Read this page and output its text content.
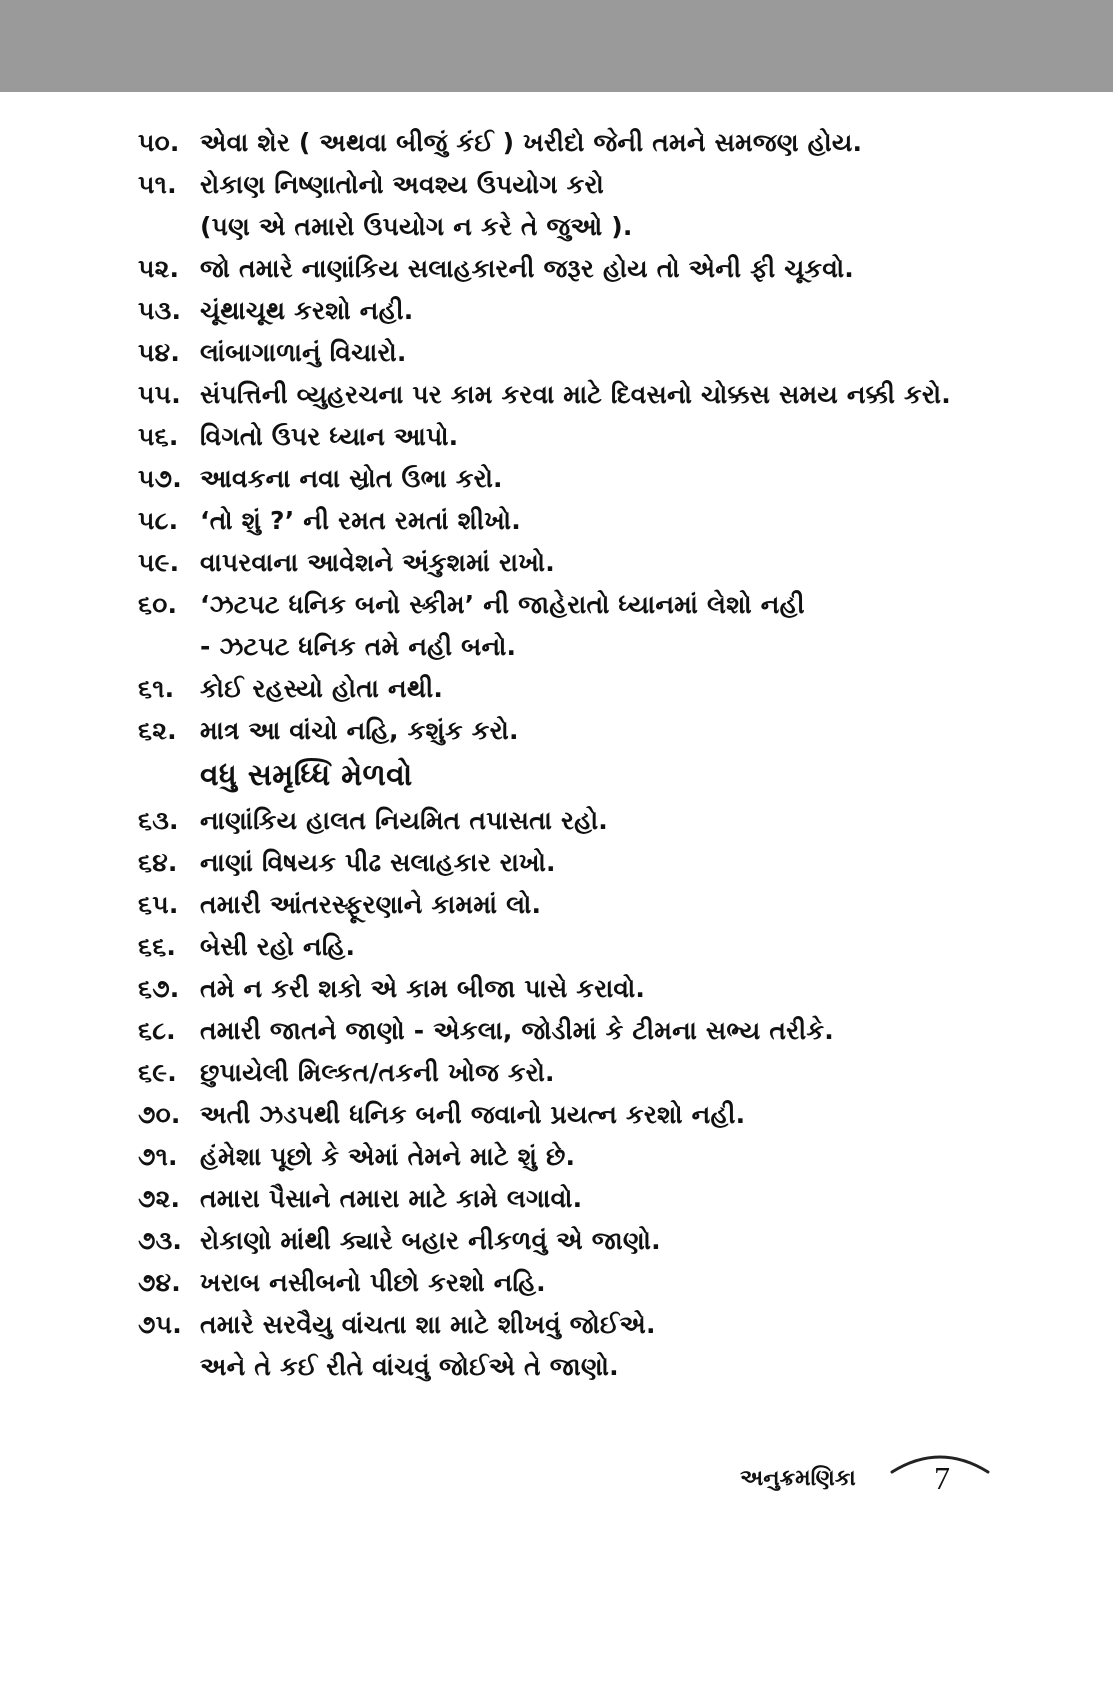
૫૦. એવા શેર ( અથવા બીજું કંઈ ) ખરીદો જેની તમને સમજણ હોય.
૫૧. રોકાણ નિષ્ણાતોનો અવશ્ય ઉપયોગ કરો
(પણ એ તમારો ઉપયોગ ન કરે તે જુઓ ).
૫૨. જો તમારે નાણાંકિય સલાહકારની જરૂર હોય તો એની ફી ચૂકવો.
૫૩. ચૂંથાચૂથ કરશો નહી.
૫૪. લાંબાગાળાનું વિચારો.
૫૫. સંપત્તિની વ્યુહરચના પર કામ કરવા માટે દિવસનો ચોક્કસ સમય નક્કી કરો.
૫૬. વિગતો ઉપર ધ્યાન આપો.
૫૭. આવકના નવા સ્રોત ઉભા કરો.
૫૮. ‘તો શું ?’ ની રમત રમતાં શીખો.
૫૯. વાપરવાના આવેશને અંકુશમાં રાખો.
૬૦. ‘ઝટપટ ધનિક બનો સ્કીમ’ ની જાહેરાતો ધ્યાનમાં લેશો નહી
- ઝટપટ ધનિક તમે નહી બનો.
૬૧.	કોઈ રહસ્યો હોતા નથી.
૬૨. માત્ર આ વાંચો નહિ, કશુંક કરો.
વધુ સમૃધ્ધિ મેળવો
૬૩. નાણાંકિય હાલત નિયમિત તપાસતા રહો.
૬૪. નાણાં વિષયક પીઢ સલાહકાર રાખો.
૬૫. તમારી આંતરસ્ફૂરણાને કામમાં લો.
૬૬. બેસી રહો નહિ.
૬૭. તમે ન કરી શકો એ કામ બીજા પાસે કરાવો.
૬૮. તમારી જાતને જાણો - એકલા, જોડીમાં કે ટીમના સભ્ય તરીકે.
૬૯. છુપાયેલી મિલ્કત/તકની ખોજ કરો.
૭૦. અતી ઝડપથી ધનિક બની જવાનો પ્રયત્ન કરશો નહી.
૭૧. હંમેશા પૂછો કે એમાં તેમને માટે શું છે.
૭૨. તમારા પૈસાને તમારા માટે કામે લગાવો.
૭૩. રોકાણો માંથી ક્યારે બહાર નીકળવું એ જાણો.
૭૪. ખરાબ નસીબનો પીછો કરશો નહિ.
૭૫. તમારે સરવૈયુ વાંચતા શા માટે શીખવું જોઈએ.
અને તે કઈ રીતે વાંચવું જોઈએ તે જાણો.
અનુક્રમણિકા 7
